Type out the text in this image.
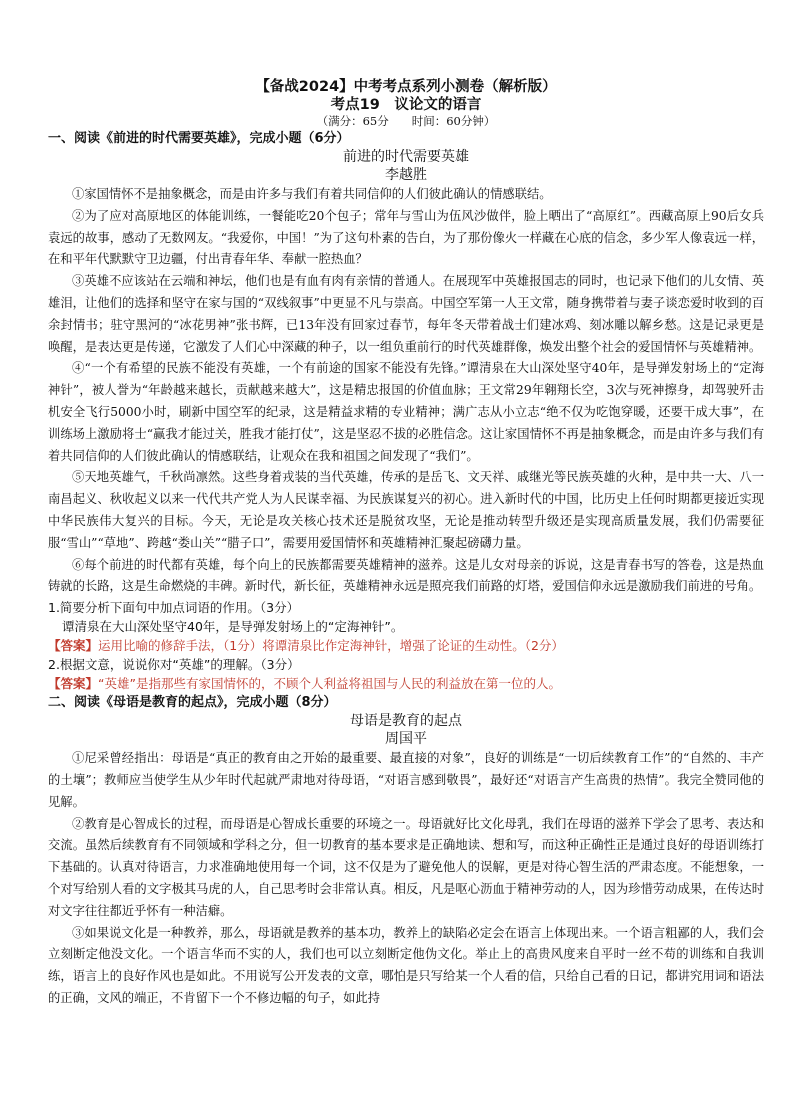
【备战2024】中考考点系列小测卷（解析版）
考点19　议论文的语言
（满分：65分　　时间：60分钟）
一、阅读《前进的时代需要英雄》，完成小题（6分）
前进的时代需要英雄
李越胜

①家国情怀不是抽象概念，而是由许多与我们有着共同信仰的人们彼此确认的情感联结。

②为了应对高原地区的体能训练，一餐能吃20个包子；常年与雪山为伍风沙做伴，脸上晒出了“高原红”。西藏高原上90后女兵袁远的故事，感动了无数网友。“我爱你，中国！”为了这句朴素的告白，为了那份像火一样藏在心底的信念，多少军人像袁远一样，在和平年代默默守卫边疆，付出青春年华、奉献一腔热血？

③英雄不应该站在云端和神坛，他们也是有血有肉有亲情的普通人。在展现军中英雄报国志的同时，也记录下他们的儿女情、英雄泪，让他们的选择和坚守在家与国的“双线叙事”中更显不凡与崇高。中国空军第一人王文常，随身携带着与妻子谈恋爱时收到的百余封情书；驻守黑河的“冰花男神”张书辉，已13年没有回家过春节，每年冬天带着战士们建冰鸡、刻冰雕以解乡愁。这是记录更是唤醒，是表达更是传递，它激发了人们心中深藏的种子，以一组负重前行的时代英雄群像，焕发出整个社会的爱国情怀与英雄精神。

④“一个有希望的民族不能没有英雄，一个有前途的国家不能没有先锋。”谭清泉在大山深处坚守40年，是导弹发射场上的“定海神针”，被人誉为“年龄越来越长，贡献越来越大”，这是精忠报国的价值血脉；王文常29年翱翔长空，3次与死神擦身，却驾驶歼击机安全飞行5000小时，刷新中国空军的纪录，这是精益求精的专业精神；满广志从小立志“绝不仅为吃饱穿暖，还要干成大事”，在训练场上激励将士“赢我才能过关，胜我才能打仗”，这是坚忍不拔的必胜信念。这让家国情怀不再是抽象概念，而是由许多与我们有着共同信仰的人们彼此确认的情感联结，让观众在我和祖国之间发现了“我们”。

⑤天地英雄气，千秋尚凛然。这些身着戎装的当代英雄，传承的是岳飞、文天祥、戚继光等民族英雄的火种，是中共一大、八一南昌起义、秋收起义以来一代代共产党人为人民谋幸福、为民族谋复兴的初心。进入新时代的中国，比历史上任何时期都更接近实现中华民族伟大复兴的目标。今天，无论是攻关核心技术还是脱贫攻坚，无论是推动转型升级还是实现高质量发展，我们仍需要征服“雪山”“草地”、跨越“娄山关”“腊子口”，需要用爱国情怀和英雄精神汇聚起磅礴力量。

⑥每个前进的时代都有英雄，每个向上的民族都需要英雄精神的滋养。这是儿女对母亲的诉说，这是青春书写的答卷，这是热血铸就的长路，这是生命燃烧的丰碑。新时代，新长征，英雄精神永远是照亮我们前路的灯塔，爱国信仰永远是激励我们前进的号角。

1.简要分析下面句中加点词语的作用。（3分）

谭清泉在大山深处坚守40年，是导弹发射场上的“定海神针”。

【答案】运用比喻的修辞手法，（1分）将谭清泉比作定海神针，增强了论证的生动性。（2分）

2.根据文意，说说你对“英雄”的理解。（3分）

【答案】“英雄”是指那些有家国情怀的，不顾个人利益将祖国与人民的利益放在第一位的人。

二、阅读《母语是教育的起点》，完成小题（8分）
母语是教育的起点
周国平

①尼采曾经指出：母语是“真正的教育由之开始的最重要、最直接的对象”，良好的训练是“一切后续教育工作”的“自然的、丰产的土壤”；教师应当使学生从少年时代起就严肃地对待母语，“对语言感到敬畏”，最好还“对语言产生高贵的热情”。我完全赞同他的见解。

②教育是心智成长的过程，而母语是心智成长重要的环境之一。母语就好比文化母乳，我们在母语的滋养下学会了思考、表达和交流。虽然后续教育有不同领域和学科之分，但一切教育的基本要求是正确地读、想和写，而这种正确性正是通过良好的母语训练打下基础的。认真对待语言，力求准确地使用每一个词，这不仅是为了避免他人的误解，更是对待心智生活的严肃态度。不能想象，一个对写给别人看的文字极其马虎的人，自己思考时会非常认真。相反，凡是呕心沥血于精神劳动的人，因为珍惜劳动成果，在传达时对文字往往都近乎怀有一种洁癖。

③如果说文化是一种教养，那么，母语就是教养的基本功，教养上的缺陷必定会在语言上体现出来。一个语言粗鄙的人，我们会立刻断定他没文化。一个语言华而不实的人，我们也可以立刻断定他伪文化。举止上的高贵风度来自平时一丝不苟的训练和自我训练，语言上的良好作风也是如此。不用说写公开发表的文章，哪怕是只写给某一个人看的信，只给自己看的日记，都讲究用词和语法的正确，文风的端正，不肯留下一个不修边幅的句子，如此持
